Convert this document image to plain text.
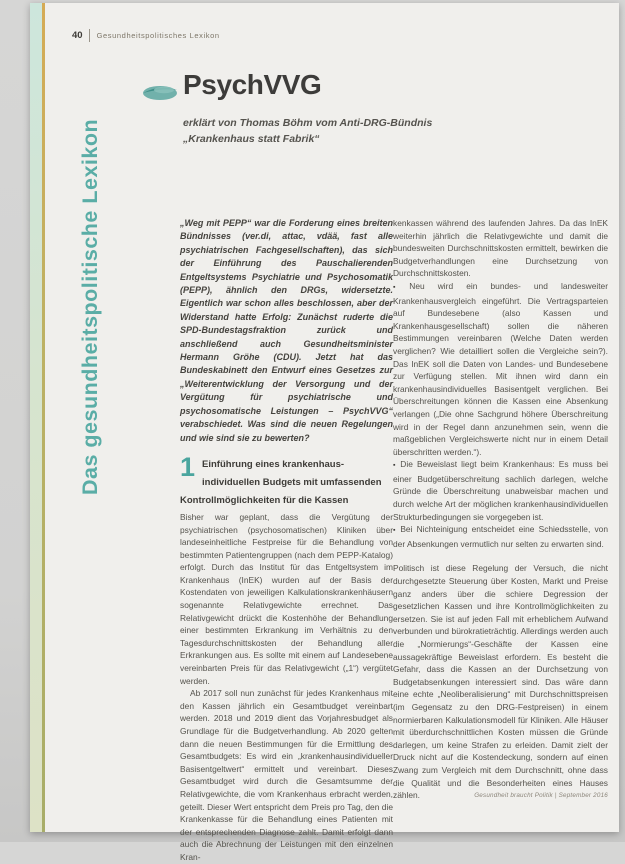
40 Gesundheitspolitisches Lexikon
Das gesundheitspolitische Lexikon
PsychVVG
erklärt von Thomas Böhm vom Anti-DRG-Bündnis
„Krankenhaus statt Fabrik“

„Weg mit PEPP“ war die Forderung eines breiten Bündnisses (ver.di, attac, vdää, fast alle psychiatrischen Fachgesellschaften), das sich der Einführung des Pauschalierenden Entgeltsystems Psychiatrie und Psychosomatik (PEPP), ähnlich den DRGs, widersetzte. Eigentlich war schon alles beschlossen, aber der Widerstand hatte Erfolg: Zunächst ruderte die SPD-Bundestagsfraktion zurück und anschließend auch Gesundheitsminister Hermann Gröhe (CDU). Jetzt hat das Bundeskabinett den Entwurf eines Gesetzes zur „Weiterentwicklung der Versorgung und der Vergütung für psychiatrische und psychosomatische Leistungen – PsychVVG“ verabschiedet. Was sind die neuen Regelungen und wie sind sie zu bewerten?

1 Einführung eines krankenhausindividuellen Budgets mit umfassenden Kontrollmöglichkeiten für die Kassen

Bisher war geplant, dass die Vergütung der psychiatrischen (psychosomatischen) Kliniken über landeseinheitliche Festpreise für die Behandlung von bestimmten Patientengruppen (nach dem PEPP-Katalog) erfolgt. Durch das Institut für das Entgeltsystem im Krankenhaus (InEK) wurden auf der Basis der Kostendaten von jeweiligen Kalkulationskrankenhäusern sogenannte Relativgewichte errechnet. Das Relativgewicht drückt die Kostenhöhe der Behandlung einer bestimmten Erkrankung im Verhältnis zu den Tagesdurchschnittskosten der Behandlung aller Erkrankungen aus. Es sollte mit einem auf Landesebene vereinbarten Preis für das Relativgewicht („1“) vergütet werden.

Ab 2017 soll nun zunächst für jedes Krankenhaus mit den Kassen jährlich ein Gesamtbudget vereinbart werden. 2018 und 2019 dient das Vorjahresbudget als Grundlage für die Budgetverhandlung. Ab 2020 gelten dann die neuen Bestimmungen für die Ermittlung des Gesamtbudgets: Es wird ein „krankenhausindividueller Basisentgeltwert“ ermittelt und vereinbart. Dieses Gesamtbudget wird durch die Gesamtsumme der Relativgewichte, die vom Krankenhaus erbracht werden, geteilt. Dieser Wert entspricht dem Preis pro Tag, den die Krankenkasse für die Behandlung eines Patienten mit der entsprechenden Diagnose zahlt. Damit erfolgt dann auch die Abrechnung der Leistungen mit den einzelnen Kran-

kenkassen während des laufenden Jahres. Da das InEK weiterhin jährlich die Relativgewichte und damit die bundesweiten Durchschnittskosten ermittelt, bewirken die Budgetverhandlungen eine Durchsetzung von Durchschnittskosten.

▪ Neu wird ein bundes- und landesweiter Krankenhausvergleich eingeführt. Die Vertragsparteien auf Bundesebene (also Kassen und Krankenhausgesellschaft) sollen die näheren Bestimmungen vereinbaren (Welche Daten werden verglichen? Wie detailliert sollen die Vergleiche sein?). Das InEK soll die Daten von Landes- und Bundesebene zur Verfügung stellen. Mit ihnen wird dann ein krankenhausindividuelles Basisentgelt verglichen. Bei Überschreitungen können die Kassen eine Absenkung verlangen („Die ohne Sachgrund höhere Überschreitung wird in der Regel dann anzunehmen sein, wenn die maßgeblichen Vergleichswerte nicht nur in einem Detail überschritten werden.“).

▪ Die Beweislast liegt beim Krankenhaus: Es muss bei einer Budgetüberschreitung sachlich darlegen, welche Gründe die Überschreitung unabweisbar machen und durch welche Art der möglichen krankenhausindividuellen Strukturbedingungen sie vorgegeben ist.

▪ Bei Nichteinigung entscheidet eine Schiedsstelle, von der Absenkungen vermutlich nur selten zu erwarten sind.

Politisch ist diese Regelung der Versuch, die nicht durchgesetzte Steuerung über Kosten, Markt und Preise ganz anders über die schiere Degression der gesetzlichen Kassen und ihre Kontrollmöglichkeiten zu ersetzen. Sie ist auf jeden Fall mit erheblichem Aufwand verbunden und bürokratieträchtig. Allerdings werden auch die „Normierungs“-Geschäfte der Kassen eine aussagekräftige Beweislast erfordern. Es besteht die Gefahr, dass die Kassen an der Durchsetzung von Budgetabsenkungen interessiert sind. Das wäre dann eine echte „Neoliberalisierung“ mit Durchschnittspreisen (im Gegensatz zu den DRG-Festpreisen) in einem normierbaren Kalkulationsmodell für Kliniken. Alle Häuser mit überdurchschnittlichen Kosten müssen die Gründe darlegen, um keine Strafen zu erleiden. Damit zielt der Druck nicht auf die Kostendeckung, sondern auf einen Zwang zum Vergleich mit dem Durchschnitt, ohne dass die Qualität und die Besonderheiten eines Hauses zählen.	Gesundheit braucht Politik | September 2016
